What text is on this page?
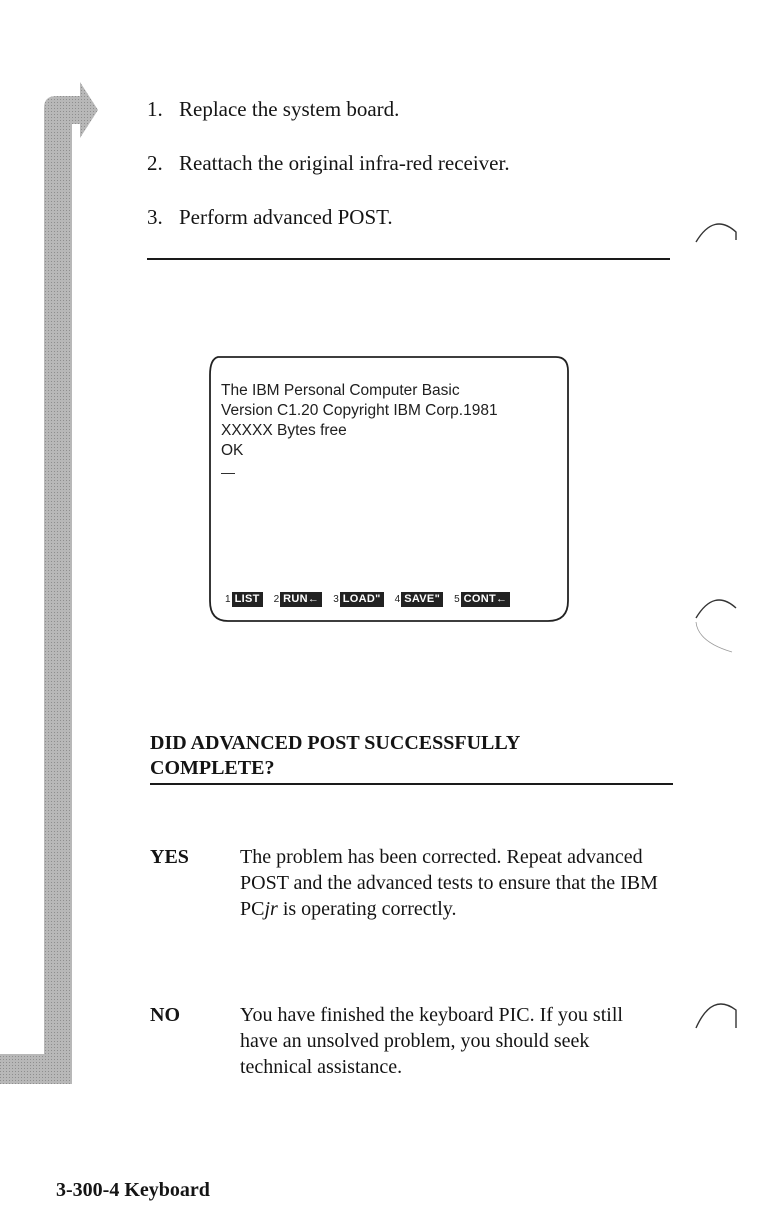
1. Replace the system board.
2. Reattach the original infra-red receiver.
3. Perform advanced POST.
The IBM Personal Computer Basic
Version C1.20 Copyright IBM Corp.1981
XXXXX Bytes free
OK
1 LIST	2 RUN←	3 LOAD"	4 SAVE"	5 CONT←
DID ADVANCED POST SUCCESSFULLY
COMPLETE?
YES	The problem has been corrected. Repeat advanced POST and the advanced tests to ensure that the IBM PCjr is operating correctly.
NO	You have finished the keyboard PIC. If you still have an unsolved problem, you should seek technical assistance.
3-300-4 Keyboard
